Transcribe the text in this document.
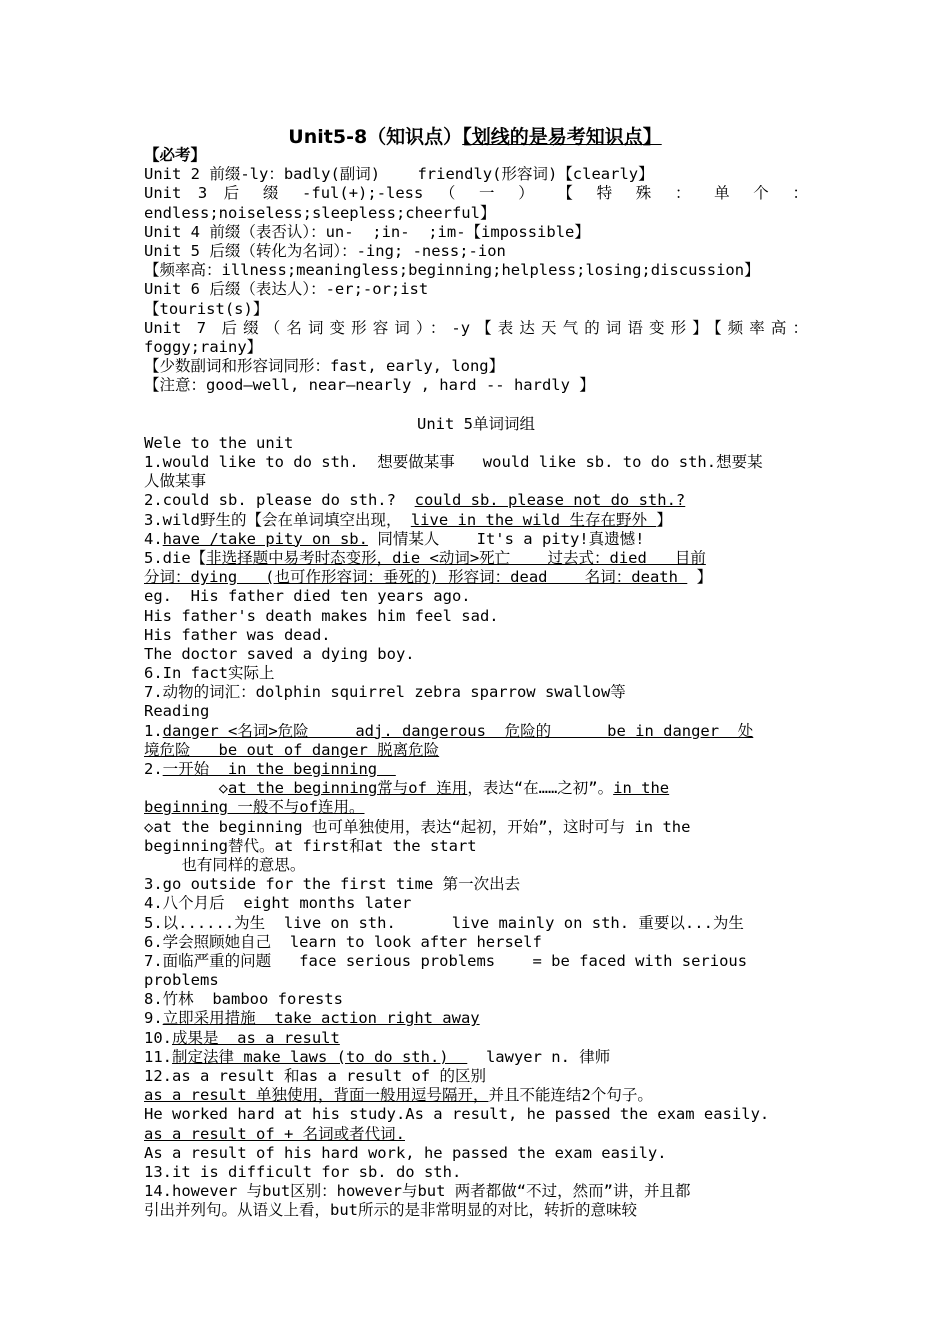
Unit5-8（知识点）【划线的是易考知识点】
【必考】
Unit 2 前缀-ly：badly(副词)    friendly(形容词)【clearly】
Unit 3 后 缀 -ful(+);-less （ 一 ） 【 特 殊 ： 单 个 ：
endless;noiseless;sleepless;cheerful】
Unit 4 前缀（表否认）：un-  ;in-  ;im-【impossible】
Unit 5 后缀（转化为名词）：-ing; -ness;-ion
【频率高：illness;meaningless;beginning;helpless;losing;discussion】
Unit 6 后缀（表达人）：-er;-or;ist
【tourist(s)】
Unit 7 后缀（名词变形容词）：-y【表达天气的词语变形】【频率高：
foggy;rainy】
【少数副词和形容词同形：fast, early, long】
【注意：good—well, near—nearly , hard -- hardly 】
Unit 5单词词组
Wele to the unit
1.would like to do sth.  想要做某事   would like sb. to do sth.想要某
人做某事
2.could sb. please do sth.?  could sb. please not do sth.?
3.wild野生的【会在单词填空出现， live in the wild 生存在野外 】
4.have /take pity on sb. 同情某人    It's a pity!真遗憾!
5.die【非选择题中易考时态变形，die <动词>死亡    过去式：died   目前
分词：dying   (也可作形容词：垂死的) 形容词：dead    名词：death  】
eg.  His father died ten years ago.
His father's death makes him feel sad.
His father was dead.
The doctor saved a dying boy.
6.In fact实际上
7.动物的词汇：dolphin squirrel zebra sparrow swallow等
Reading
1.danger <名词>危险     adj. dangerous  危险的      be in danger  处
境危险   be out of danger 脱离危险
2.一开始  in the beginning
◇at the beginning常与of 连用，表达“在……之初”。in the
beginning 一般不与of连用。
◇at the beginning 也可单独使用，表达“起初，开始”，这时可与 in the
beginning替代。at first和at the start
也有同样的意思。
3.go outside for the first time 第一次出去
4.八个月后  eight months later
5.以......为生  live on sth.      live mainly on sth. 重要以...为生
6.学会照顾她自己  learn to look after herself
7.面临严重的问题   face serious problems    = be faced with serious
problems
8.竹林  bamboo forests
9.立即采用措施  take action right away
10.成果是  as a result
11.制定法律 make laws (to do sth.)    lawyer n. 律师
12.as a result 和as a result of 的区别
as a result 单独使用，背面一般用逗号隔开，并且不能连结2个句子。
He worked hard at his study.As a result, he passed the exam easily.
as a result of + 名词或者代词.
As a result of his hard work, he passed the exam easily.
13.it is difficult for sb. do sth.
14.however 与but区别：however与but 两者都做“不过，然而”讲，并且都
引出并列句。从语义上看，but所示的是非常明显的对比，转折的意味较
